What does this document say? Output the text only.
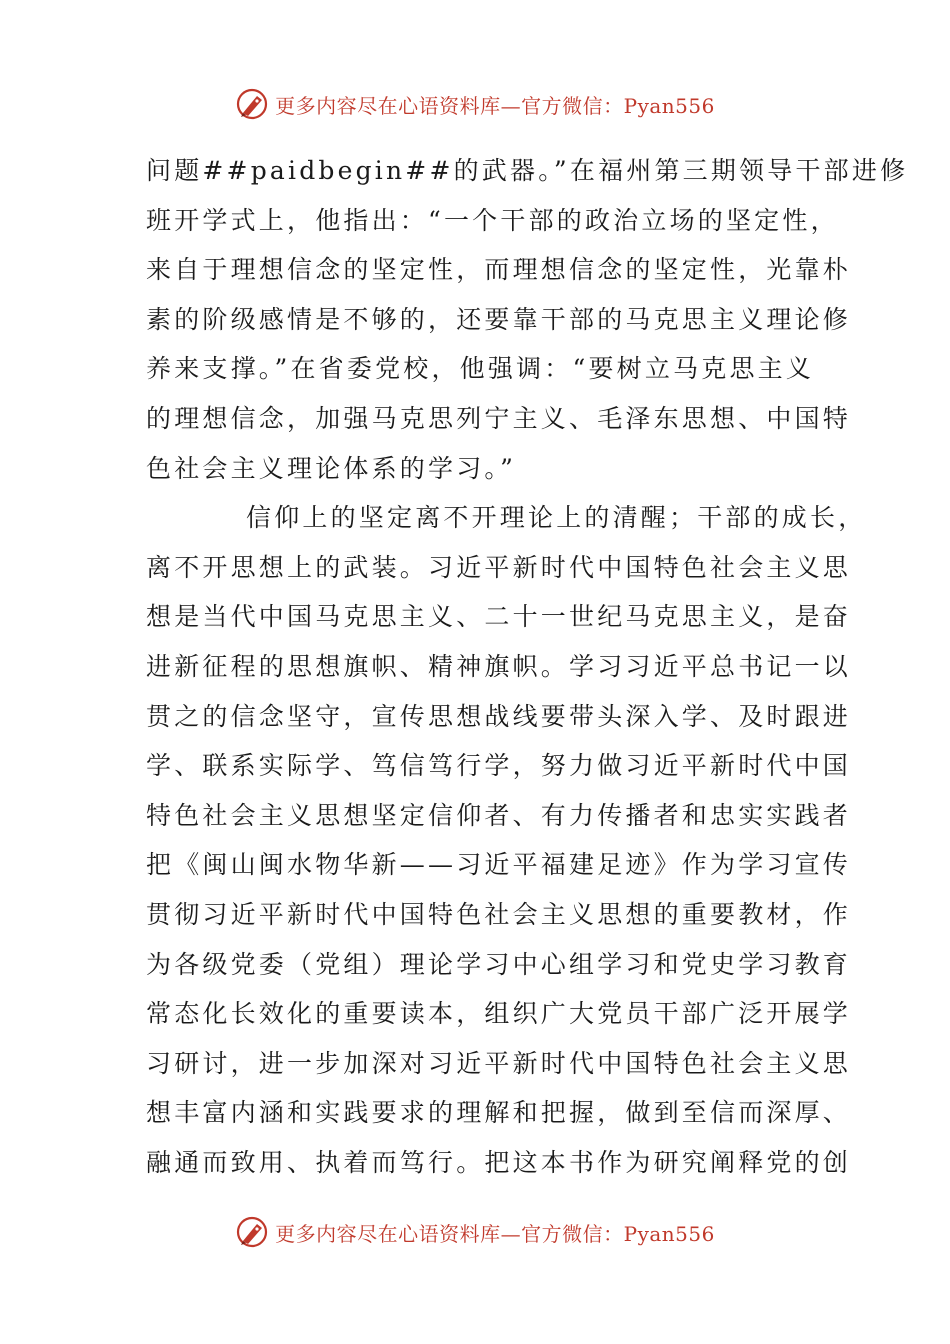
更多内容尽在心语资料库—官方微信：Pyan556
问题##paidbegin##的武器。”在福州第三期领导干部进修
班开学式上，他指出：“一个干部的政治立场的坚定性，
来自于理想信念的坚定性，而理想信念的坚定性，光靠朴
素的阶级感情是不够的，还要靠干部的马克思主义理论修
养来支撑。”在省委党校，他强调：“要树立马克思主义
的理想信念，加强马克思列宁主义、毛泽东思想、中国特
色社会主义理论体系的学习。”
信仰上的坚定离不开理论上的清醒；干部的成长，
离不开思想上的武装。习近平新时代中国特色社会主义思
想是当代中国马克思主义、二十一世纪马克思主义，是奋
进新征程的思想旗帜、精神旗帜。学习习近平总书记一以
贯之的信念坚守，宣传思想战线要带头深入学、及时跟进
学、联系实际学、笃信笃行学，努力做习近平新时代中国
特色社会主义思想坚定信仰者、有力传播者和忠实实践者
把《闽山闽水物华新——习近平福建足迹》作为学习宣传
贯彻习近平新时代中国特色社会主义思想的重要教材，作
为各级党委（党组）理论学习中心组学习和党史学习教育
常态化长效化的重要读本，组织广大党员干部广泛开展学
习研讨，进一步加深对习近平新时代中国特色社会主义思
想丰富内涵和实践要求的理解和把握，做到至信而深厚、
融通而致用、执着而笃行。把这本书作为研究阐释党的创
更多内容尽在心语资料库—官方微信：Pyan556
